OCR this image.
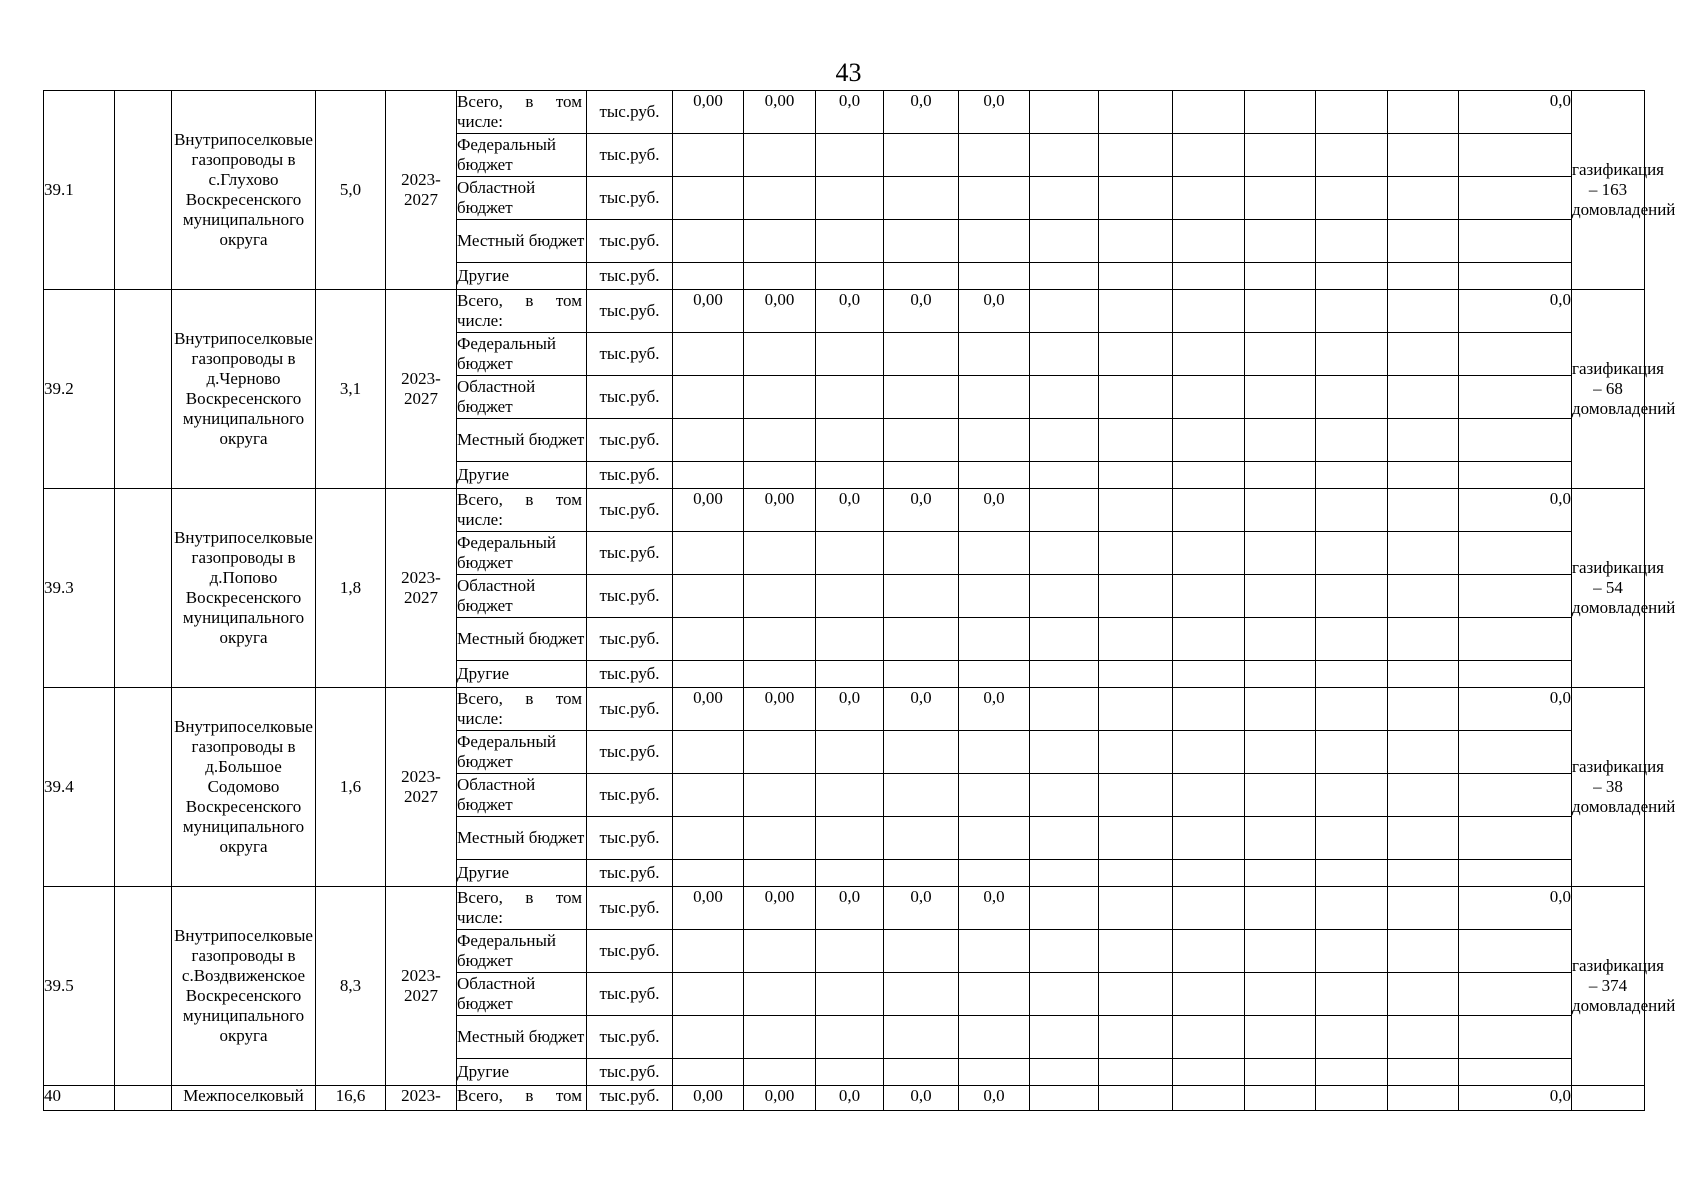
43
39.1		Внутрипоселковые газопроводы в с.Глухово Воскресенского муниципального округа	5,0	2023-2027	Всего, в том
числе:	тыс.руб.	0,00	0,00	0,0	0,0	0,0							0,0	газификация – 163 домовладений
					Федеральный бюджет	тыс.руб.													
					Областной бюджет	тыс.руб.													
					Местный бюджет	тыс.руб.													
					Другие	тыс.руб.													
39.2		Внутрипоселковые газопроводы в д.Черново Воскресенского муниципального округа	3,1	2023-2027	Всего, в том
числе:	тыс.руб.	0,00	0,00	0,0	0,0	0,0							0,0	газификация – 68 домовладений
					Федеральный бюджет	тыс.руб.													
					Областной бюджет	тыс.руб.													
					Местный бюджет	тыс.руб.													
					Другие	тыс.руб.													
39.3		Внутрипоселковые газопроводы в д.Попово Воскресенского муниципального округа	1,8	2023-2027	Всего, в том
числе:	тыс.руб.	0,00	0,00	0,0	0,0	0,0							0,0	газификация – 54 домовладений
					Федеральный бюджет	тыс.руб.													
					Областной бюджет	тыс.руб.													
					Местный бюджет	тыс.руб.													
					Другие	тыс.руб.													
39.4		Внутрипоселковые газопроводы в д.Большое Содомово Воскресенского муниципального округа	1,6	2023-2027	Всего, в том
числе:	тыс.руб.	0,00	0,00	0,0	0,0	0,0							0,0	газификация – 38 домовладений
					Федеральный бюджет	тыс.руб.													
					Областной бюджет	тыс.руб.													
					Местный бюджет	тыс.руб.													
					Другие	тыс.руб.													
39.5		Внутрипоселковые газопроводы в с.Воздвиженское Воскресенского муниципального округа	8,3	2023-2027	Всего, в том
числе:	тыс.руб.	0,00	0,00	0,0	0,0	0,0							0,0	газификация – 374 домовладений
					Федеральный бюджет	тыс.руб.													
					Областной бюджет	тыс.руб.													
					Местный бюджет	тыс.руб.													
					Другие	тыс.руб.													
40		Межпоселковый	16,6	2023-	Всего, в том	тыс.руб.	0,00	0,00	0,0	0,0	0,0							0,0	
